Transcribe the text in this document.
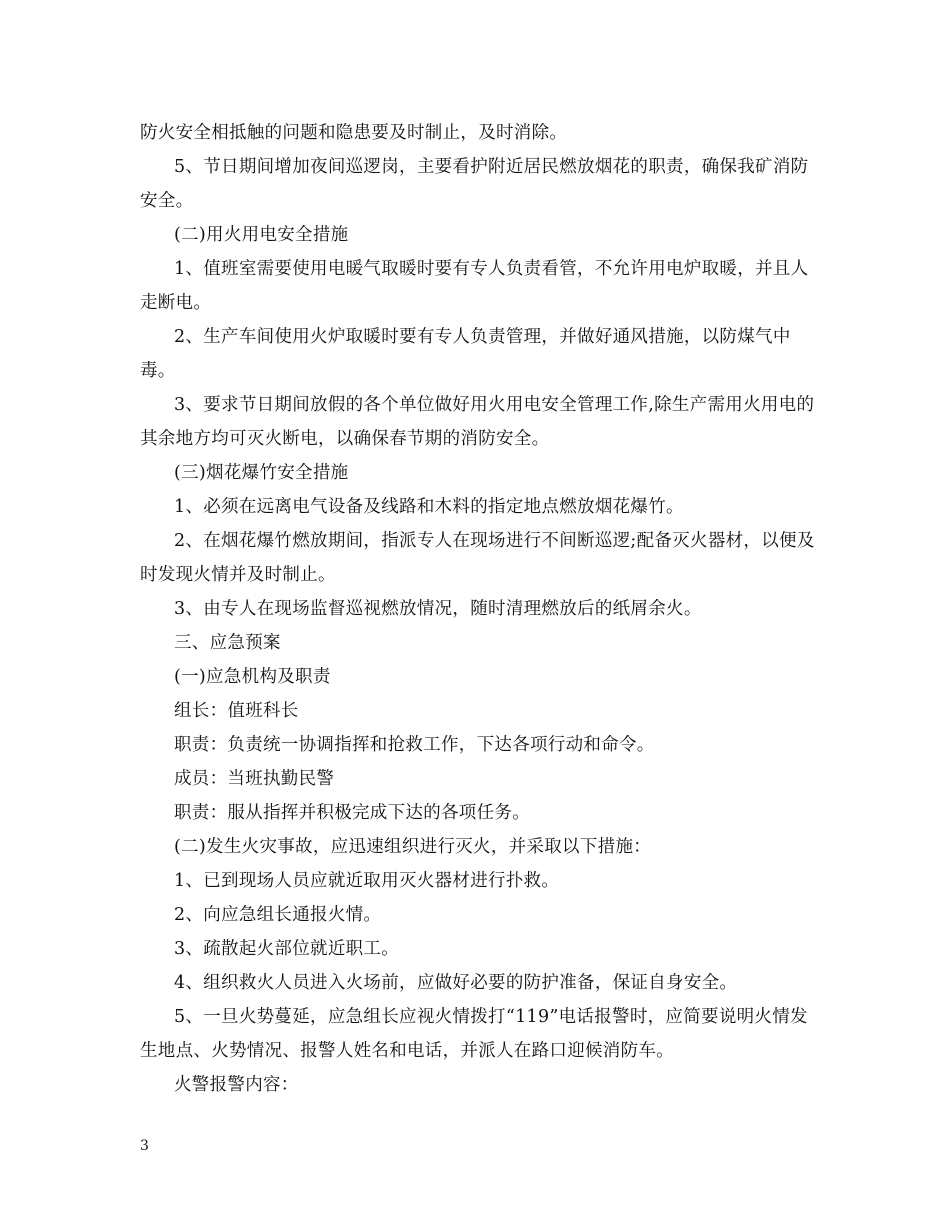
防火安全相抵触的问题和隐患要及时制止，及时消除。

5、节日期间增加夜间巡逻岗，主要看护附近居民燃放烟花的职责，确保我矿消防安全。

(二)用火用电安全措施

1、值班室需要使用电暖气取暖时要有专人负责看管，不允许用电炉取暖，并且人走断电。

2、生产车间使用火炉取暖时要有专人负责管理，并做好通风措施，以防煤气中毒。

3、要求节日期间放假的各个单位做好用火用电安全管理工作,除生产需用火用电的其余地方均可灭火断电，以确保春节期的消防安全。

(三)烟花爆竹安全措施

1、必须在远离电气设备及线路和木料的指定地点燃放烟花爆竹。

2、在烟花爆竹燃放期间，指派专人在现场进行不间断巡逻;配备灭火器材，以便及时发现火情并及时制止。

3、由专人在现场监督巡视燃放情况，随时清理燃放后的纸屑余火。

三、应急预案

(一)应急机构及职责

组长：值班科长

职责：负责统一协调指挥和抢救工作，下达各项行动和命令。

成员：当班执勤民警

职责：服从指挥并积极完成下达的各项任务。

(二)发生火灾事故，应迅速组织进行灭火，并采取以下措施：

1、已到现场人员应就近取用灭火器材进行扑救。

2、向应急组长通报火情。

3、疏散起火部位就近职工。

4、组织救火人员进入火场前，应做好必要的防护准备，保证自身安全。

5、一旦火势蔓延，应急组长应视火情拨打“119”电话报警时，应简要说明火情发生地点、火势情况、报警人姓名和电话，并派人在路口迎候消防车。

火警报警内容：

3
